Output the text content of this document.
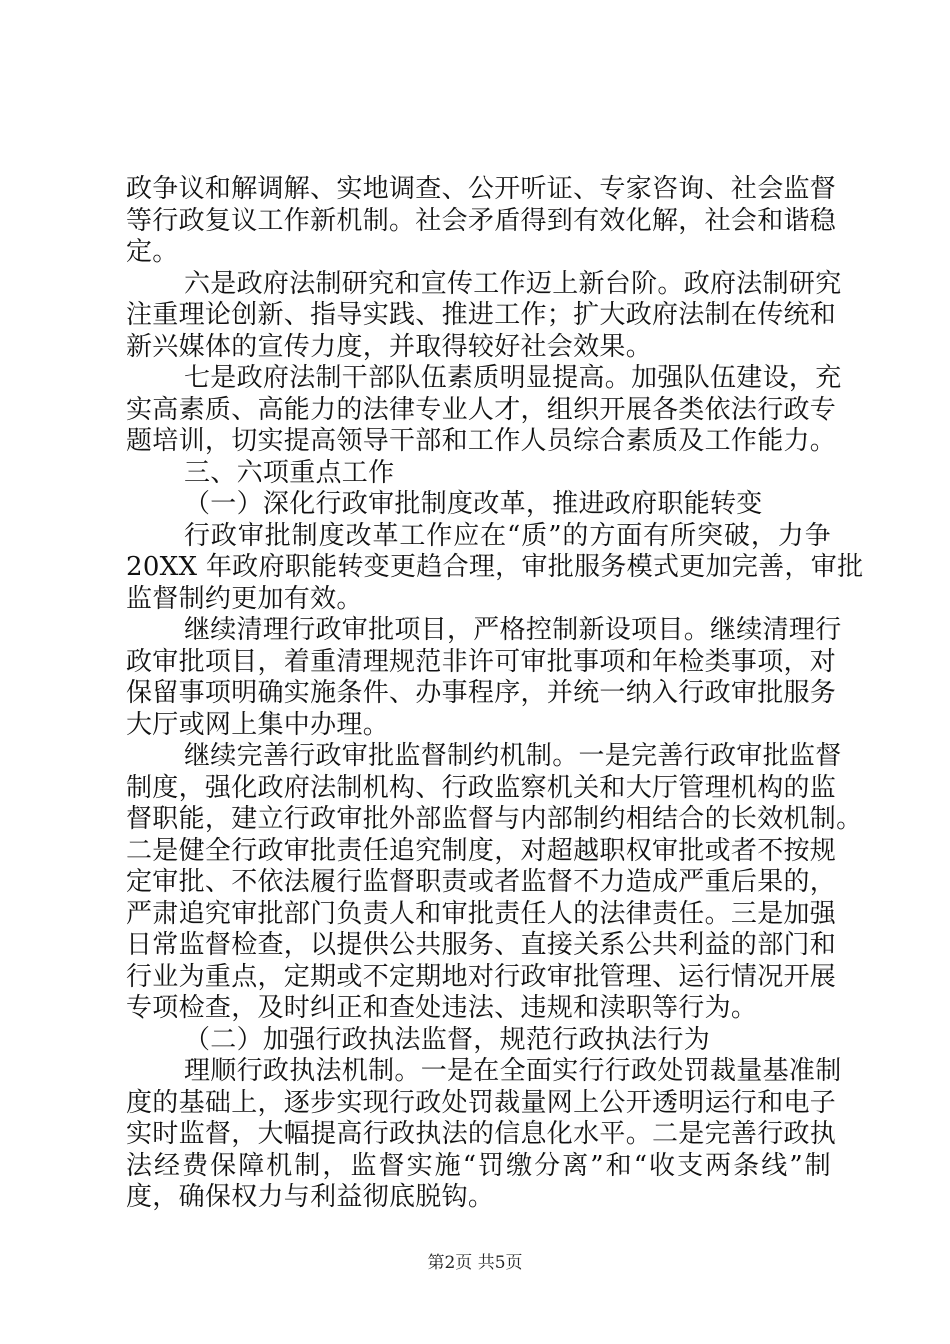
政争议和解调解、实地调查、公开听证、专家咨询、社会监督
等行政复议工作新机制。社会矛盾得到有效化解，社会和谐稳
定。
六是政府法制研究和宣传工作迈上新台阶。政府法制研究
注重理论创新、指导实践、推进工作；扩大政府法制在传统和
新兴媒体的宣传力度，并取得较好社会效果。
七是政府法制干部队伍素质明显提高。加强队伍建设，充
实高素质、高能力的法律专业人才，组织开展各类依法行政专
题培训，切实提高领导干部和工作人员综合素质及工作能力。
三、六项重点工作
（一）深化行政审批制度改革，推进政府职能转变
行政审批制度改革工作应在“质”的方面有所突破，力争
20XX 年政府职能转变更趋合理，审批服务模式更加完善，审批
监督制约更加有效。
继续清理行政审批项目，严格控制新设项目。继续清理行
政审批项目，着重清理规范非许可审批事项和年检类事项，对
保留事项明确实施条件、办事程序，并统一纳入行政审批服务
大厅或网上集中办理。
继续完善行政审批监督制约机制。一是完善行政审批监督
制度，强化政府法制机构、行政监察机关和大厅管理机构的监
督职能，建立行政审批外部监督与内部制约相结合的长效机制。
二是健全行政审批责任追究制度，对超越职权审批或者不按规
定审批、不依法履行监督职责或者监督不力造成严重后果的，
严肃追究审批部门负责人和审批责任人的法律责任。三是加强
日常监督检查，以提供公共服务、直接关系公共利益的部门和
行业为重点，定期或不定期地对行政审批管理、运行情况开展
专项检查，及时纠正和查处违法、违规和渎职等行为。
（二）加强行政执法监督，规范行政执法行为
理顺行政执法机制。一是在全面实行行政处罚裁量基准制
度的基础上，逐步实现行政处罚裁量网上公开透明运行和电子
实时监督，大幅提高行政执法的信息化水平。二是完善行政执
法经费保障机制，监督实施“罚缴分离”和“收支两条线”制
度，确保权力与利益彻底脱钩。
第2页 共5页
